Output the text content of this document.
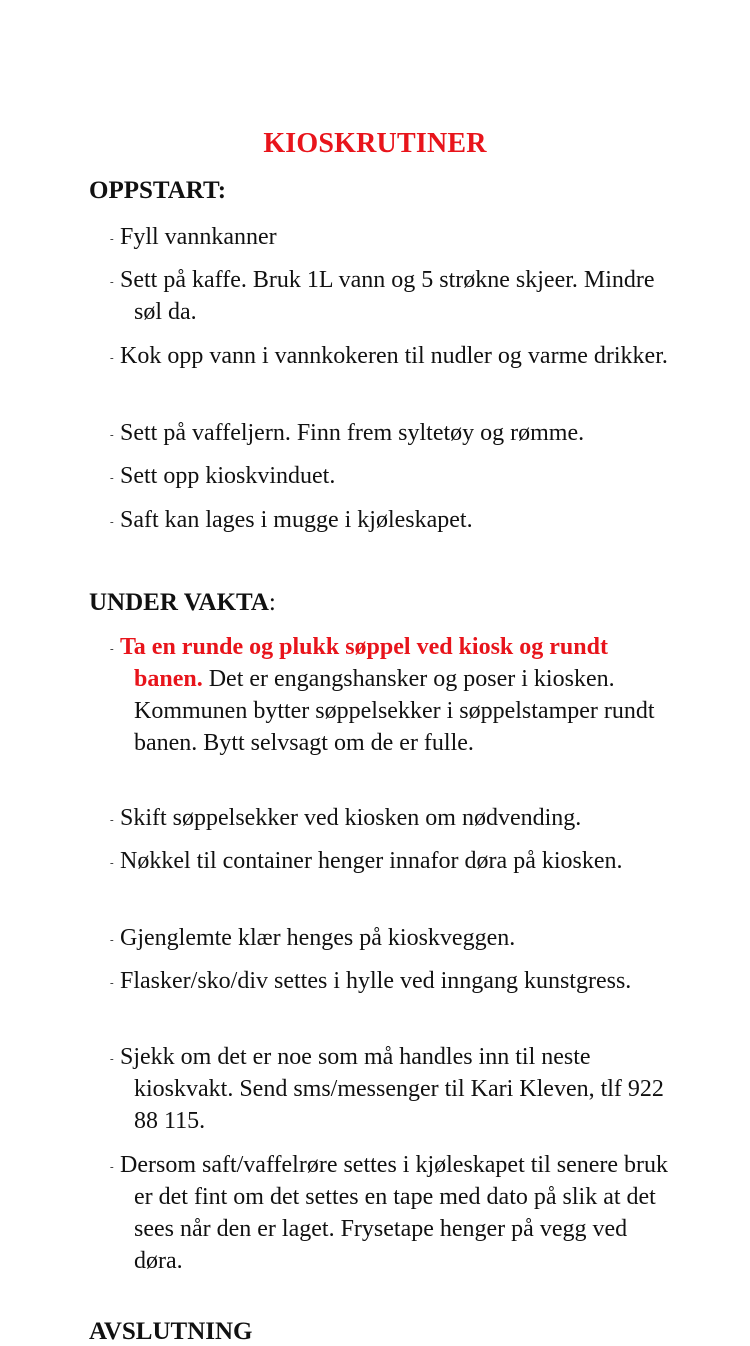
KIOSKRUTINER
OPPSTART:
- Fyll vannkanner
- Sett på kaffe. Bruk 1L vann og 5 strøkne skjeer. Mindre søl da.
- Kok opp vann i vannkokeren til nudler og varme drikker.
- Sett på vaffeljern. Finn frem syltetøy og rømme.
- Sett opp kioskvinduet.
- Saft kan lages i mugge i kjøleskapet.
UNDER VAKTA:
- Ta en runde og plukk søppel ved kiosk og rundt banen. Det er engangshansker og poser i kiosken. Kommunen bytter søppelsekker i søppelstamper rundt banen. Bytt selvsagt om de er fulle.
- Skift søppelsekker ved kiosken om nødvending.
- Nøkkel til container henger innafor døra på kiosken.
- Gjenglemte klær henges på kioskveggen.
- Flasker/sko/div settes i hylle ved inngang kunstgress.
- Sjekk om det er noe som må handles inn til neste kioskvakt. Send sms/messenger til Kari Kleven, tlf 922 88 115.
- Dersom saft/vaffelrøre settes i kjøleskapet til senere bruk er det fint om det settes en tape med dato på slik at det sees når den er laget. Frysetape henger på vegg ved døra.
AVSLUTNING
